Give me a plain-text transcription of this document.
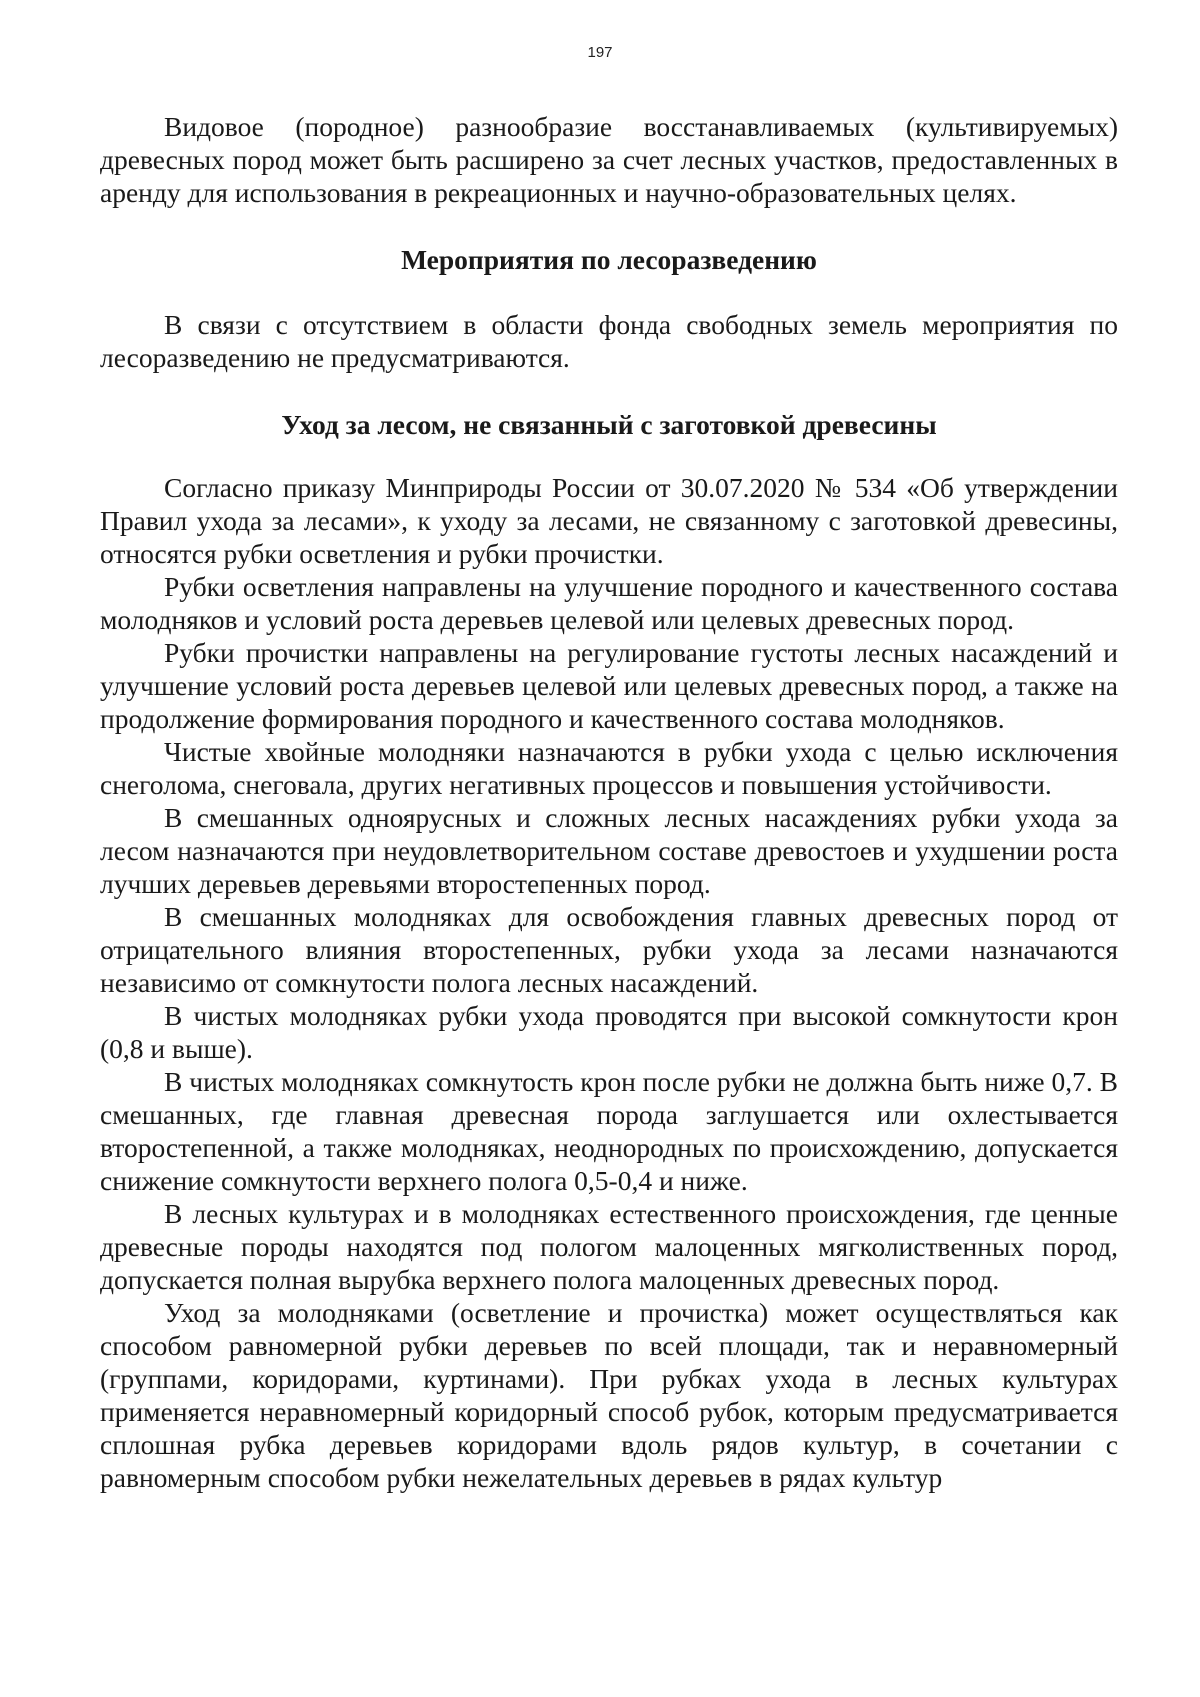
197

Видовое (породное) разнообразие восстанавливаемых (культивируемых) древесных пород может быть расширено за счет лесных участков, предоставленных в аренду для использования в рекреационных и научно-образовательных целях.

Мероприятия по лесоразведению

В связи с отсутствием в области фонда свободных земель мероприятия по лесоразведению не предусматриваются.

Уход за лесом, не связанный с заготовкой древесины

Согласно приказу Минприроды России от 30.07.2020 № 534 «Об утверждении Правил ухода за лесами», к уходу за лесами, не связанному с заготовкой древесины, относятся рубки осветления и рубки прочистки.

Рубки осветления направлены на улучшение породного и качественного состава молодняков и условий роста деревьев целевой или целевых древесных пород.

Рубки прочистки направлены на регулирование густоты лесных насаждений и улучшение условий роста деревьев целевой или целевых древесных пород, а также на продолжение формирования породного и качественного состава молодняков.

Чистые хвойные молодняки назначаются в рубки ухода с целью исключения снеголома, снеговала, других негативных процессов и повышения устойчивости.

В смешанных одноярусных и сложных лесных насаждениях рубки ухода за лесом назначаются при неудовлетворительном составе древостоев и ухудшении роста лучших деревьев деревьями второстепенных пород.

В смешанных молодняках для освобождения главных древесных пород от отрицательного влияния второстепенных, рубки ухода за лесами назначаются независимо от сомкнутости полога лесных насаждений.

В чистых молодняках рубки ухода проводятся при высокой сомкнутости крон (0,8 и выше).

В чистых молодняках сомкнутость крон после рубки не должна быть ниже 0,7. В смешанных, где главная древесная порода заглушается или охлестывается второстепенной, а также молодняках, неоднородных по происхождению, допускается снижение сомкнутости верхнего полога 0,5-0,4 и ниже.

В лесных культурах и в молодняках естественного происхождения, где ценные древесные породы находятся под пологом малоценных мягколиственных пород, допускается полная вырубка верхнего полога малоценных древесных пород.

Уход за молодняками (осветление и прочистка) может осуществляться как способом равномерной рубки деревьев по всей площади, так и неравномерный (группами, коридорами, куртинами). При рубках ухода в лесных культурах применяется неравномерный коридорный способ рубок, которым предусматривается сплошная рубка деревьев коридорами вдоль рядов культур, в сочетании с равномерным способом рубки нежелательных деревьев в рядах культур
